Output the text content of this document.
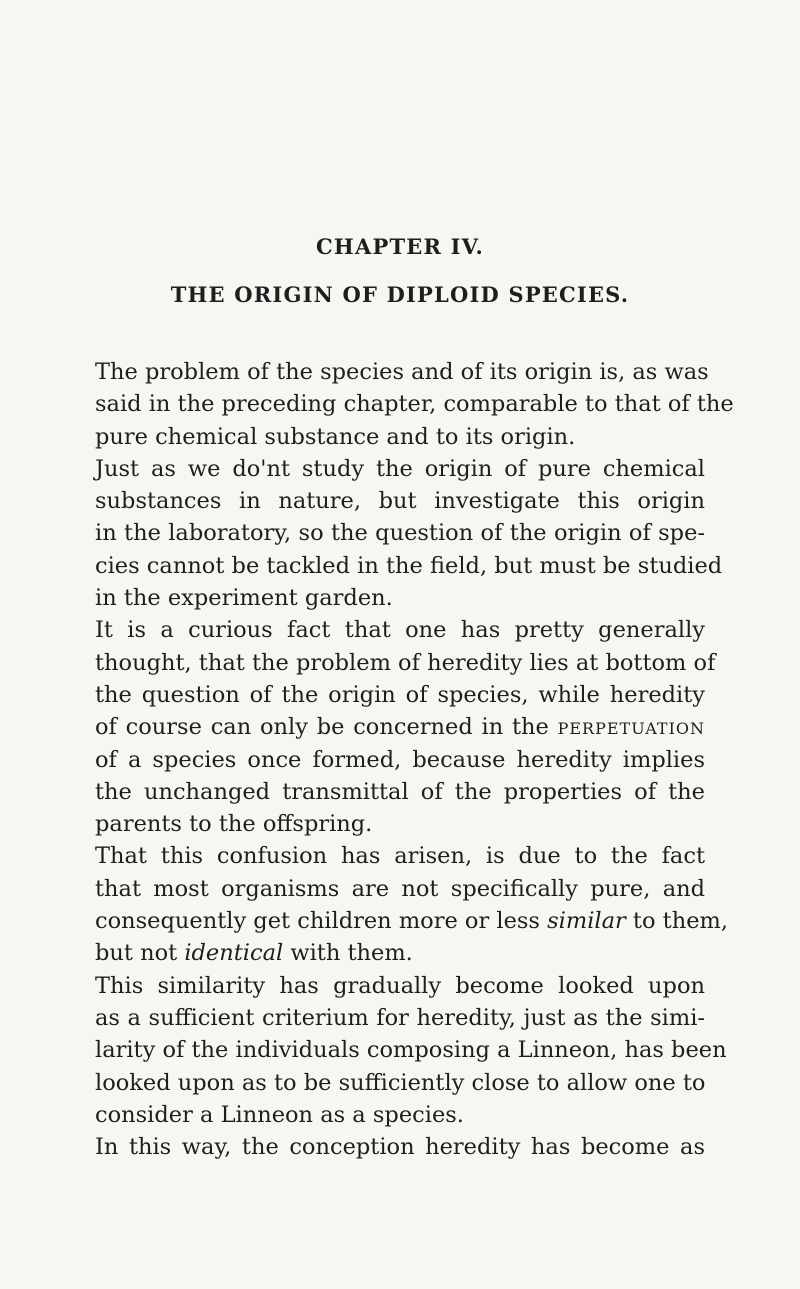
CHAPTER IV.
THE ORIGIN OF DIPLOID SPECIES.
The problem of the species and of its origin is, as was
said in the preceding chapter, comparable to that of the
pure chemical substance and to its origin.
Just as we do'nt study the origin of pure chemical
substances in nature, but investigate this origin
in the laboratory, so the question of the origin of spe-
cies cannot be tackled in the field, but must be studied
in the experiment garden.
It is a curious fact that one has pretty generally
thought, that the problem of heredity lies at bottom of
the question of the origin of species, while heredity
of course can only be concerned in the perpetuation
of a species once formed, because heredity implies
the unchanged transmittal of the properties of the
parents to the offspring.
That this confusion has arisen, is due to the fact
that most organisms are not specifically pure, and
consequently get children more or less similar to them,
but not identical with them.
This similarity has gradually become looked upon
as a sufficient criterium for heredity, just as the simi-
larity of the individuals composing a Linneon, has been
looked upon as to be sufficiently close to allow one to
consider a Linneon as a species.
In this way, the conception heredity has become as
